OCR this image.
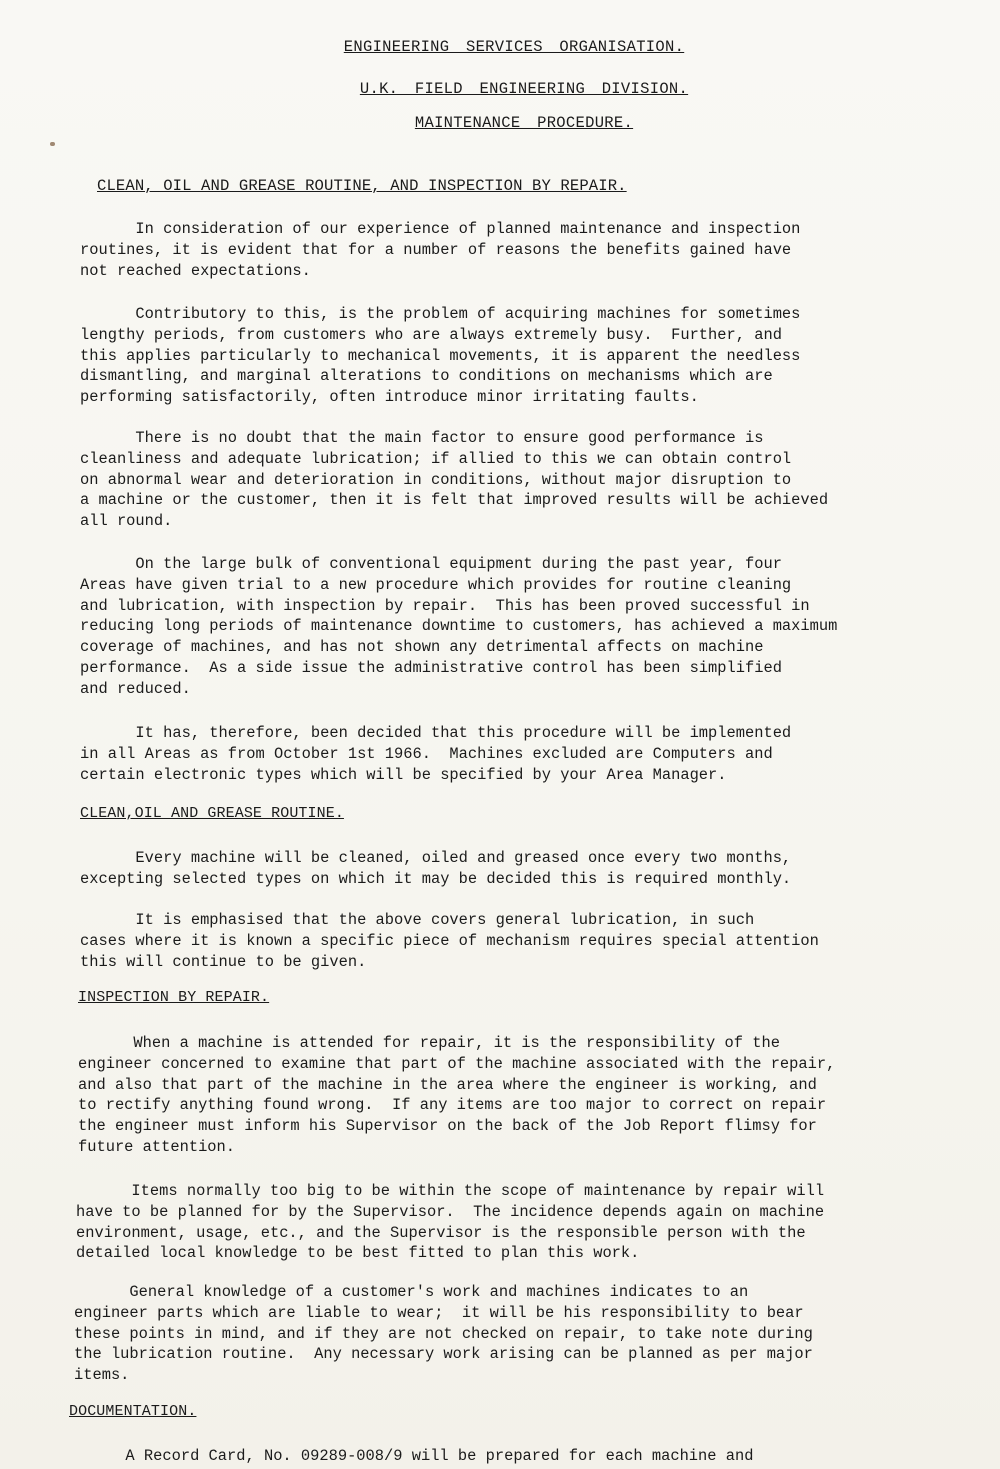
ENGINEERING SERVICES ORGANISATION.
U.K. FIELD ENGINEERING DIVISION.
MAINTENANCE PROCEDURE.
CLEAN, OIL AND GREASE ROUTINE, AND INSPECTION BY REPAIR.
In consideration of our experience of planned maintenance and inspection
routines, it is evident that for a number of reasons the benefits gained have
not reached expectations.
Contributory to this, is the problem of acquiring machines for sometimes
lengthy periods, from customers who are always extremely busy.  Further, and
this applies particularly to mechanical movements, it is apparent the needless
dismantling, and marginal alterations to conditions on mechanisms which are
performing satisfactorily, often introduce minor irritating faults.
There is no doubt that the main factor to ensure good performance is
cleanliness and adequate lubrication; if allied to this we can obtain control
on abnormal wear and deterioration in conditions, without major disruption to
a machine or the customer, then it is felt that improved results will be achieved
all round.
On the large bulk of conventional equipment during the past year, four
Areas have given trial to a new procedure which provides for routine cleaning
and lubrication, with inspection by repair.  This has been proved successful in
reducing long periods of maintenance downtime to customers, has achieved a maximum
coverage of machines, and has not shown any detrimental affects on machine
performance.  As a side issue the administrative control has been simplified
and reduced.
It has, therefore, been decided that this procedure will be implemented
in all Areas as from October 1st 1966.  Machines excluded are Computers and
certain electronic types which will be specified by your Area Manager.
CLEAN,OIL AND GREASE ROUTINE.
Every machine will be cleaned, oiled and greased once every two months,
excepting selected types on which it may be decided this is required monthly.
It is emphasised that the above covers general lubrication, in such
cases where it is known a specific piece of mechanism requires special attention
this will continue to be given.
INSPECTION BY REPAIR.
When a machine is attended for repair, it is the responsibility of the
engineer concerned to examine that part of the machine associated with the repair,
and also that part of the machine in the area where the engineer is working, and
to rectify anything found wrong.  If any items are too major to correct on repair
the engineer must inform his Supervisor on the back of the Job Report flimsy for
future attention.
Items normally too big to be within the scope of maintenance by repair will
have to be planned for by the Supervisor.  The incidence depends again on machine
environment, usage, etc., and the Supervisor is the responsible person with the
detailed local knowledge to be best fitted to plan this work.
General knowledge of a customer's work and machines indicates to an
engineer parts which are liable to wear;  it will be his responsibility to bear
these points in mind, and if they are not checked on repair, to take note during
the lubrication routine.  Any necessary work arising can be planned as per major
items.
DOCUMENTATION.
A Record Card, No. 09289-008/9 will be prepared for each machine and
